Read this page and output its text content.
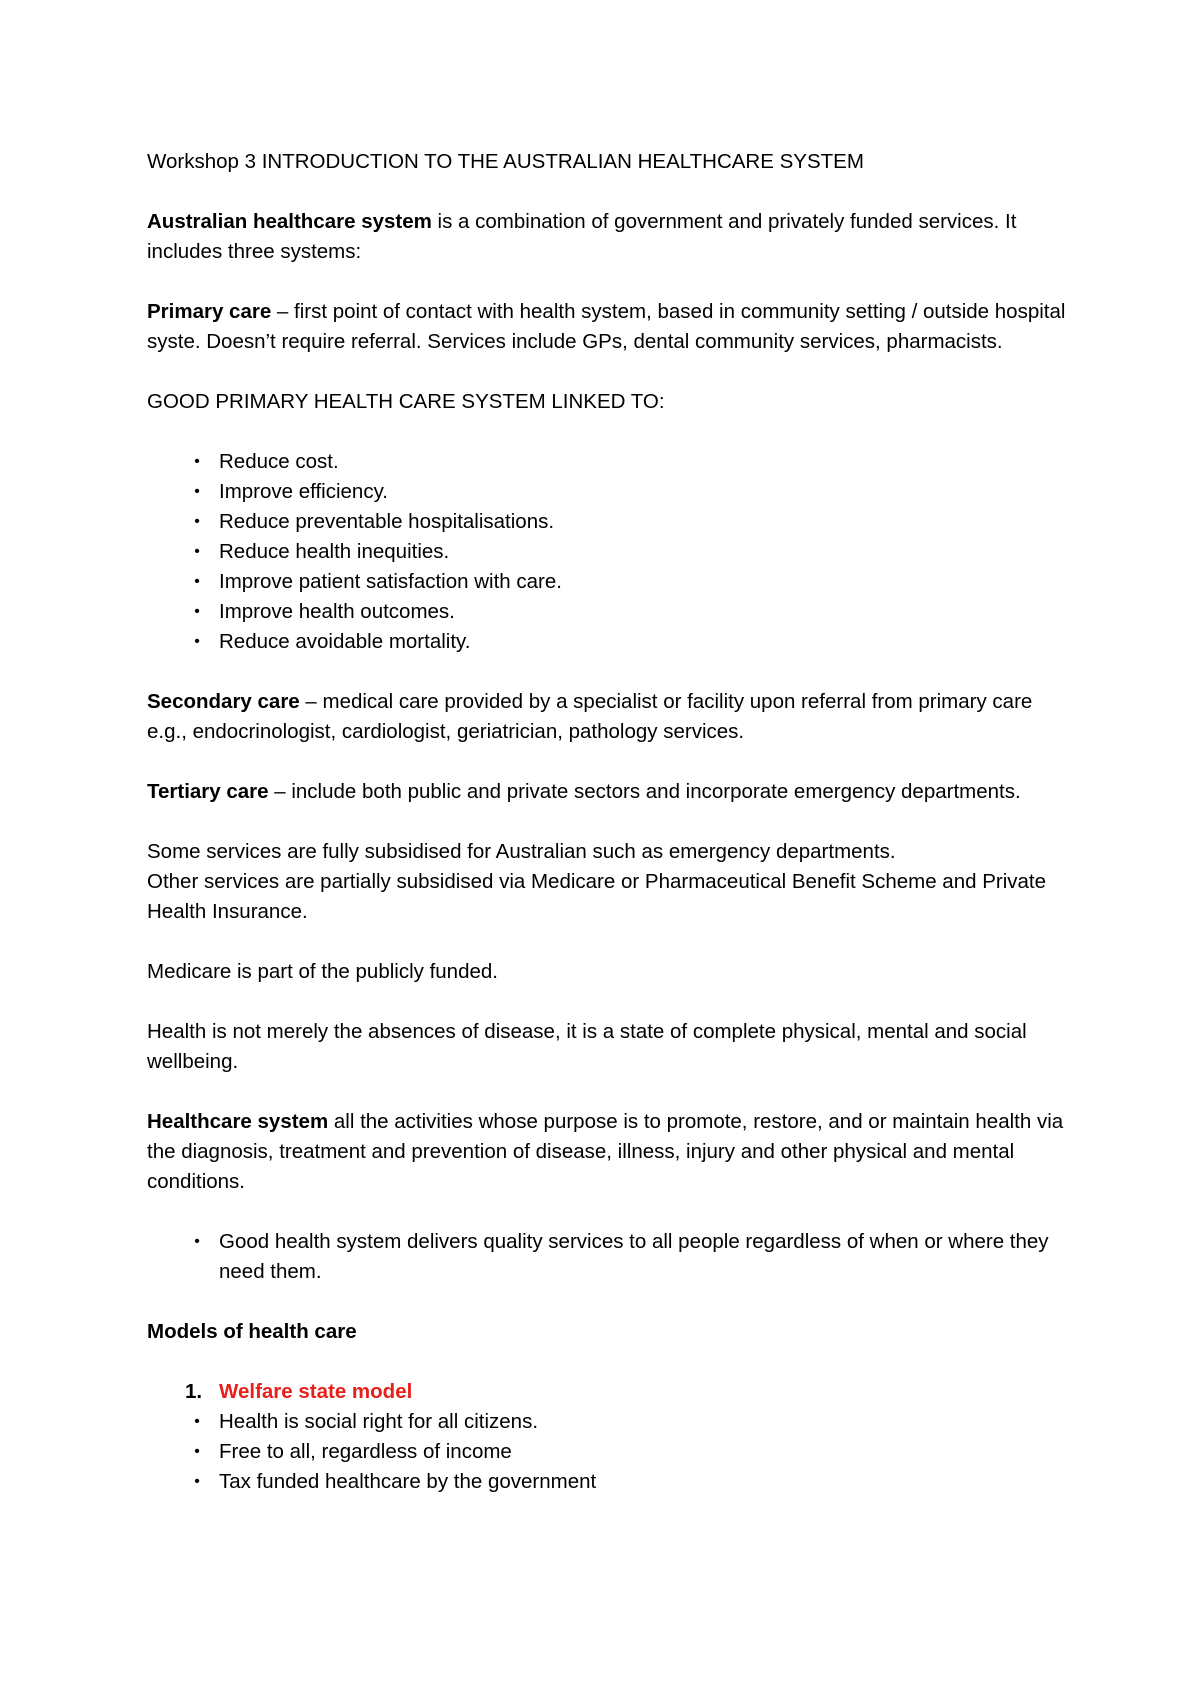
Workshop 3 INTRODUCTION TO THE AUSTRALIAN HEALTHCARE SYSTEM

Australian healthcare system is a combination of government and privately funded services. It includes three systems:

Primary care – first point of contact with health system, based in community setting / outside hospital syste. Doesn’t require referral. Services include GPs, dental community services, pharmacists.

GOOD PRIMARY HEALTH CARE SYSTEM LINKED TO:

• Reduce cost.
• Improve efficiency.
• Reduce preventable hospitalisations.
• Reduce health inequities.
• Improve patient satisfaction with care.
• Improve health outcomes.
• Reduce avoidable mortality.

Secondary care – medical care provided by a specialist or facility upon referral from primary care e.g., endocrinologist, cardiologist, geriatrician, pathology services.

Tertiary care – include both public and private sectors and incorporate emergency departments.

Some services are fully subsidised for Australian such as emergency departments.

Other services are partially subsidised via Medicare or Pharmaceutical Benefit Scheme and Private Health Insurance.

Medicare is part of the publicly funded.

Health is not merely the absences of disease, it is a state of complete physical, mental and social wellbeing.

Healthcare system all the activities whose purpose is to promote, restore, and or maintain health via the diagnosis, treatment and prevention of disease, illness, injury and other physical and mental conditions.

• Good health system delivers quality services to all people regardless of when or where they need them.

Models of health care

1. Welfare state model
• Health is social right for all citizens.
• Free to all, regardless of income
• Tax funded healthcare by the government
